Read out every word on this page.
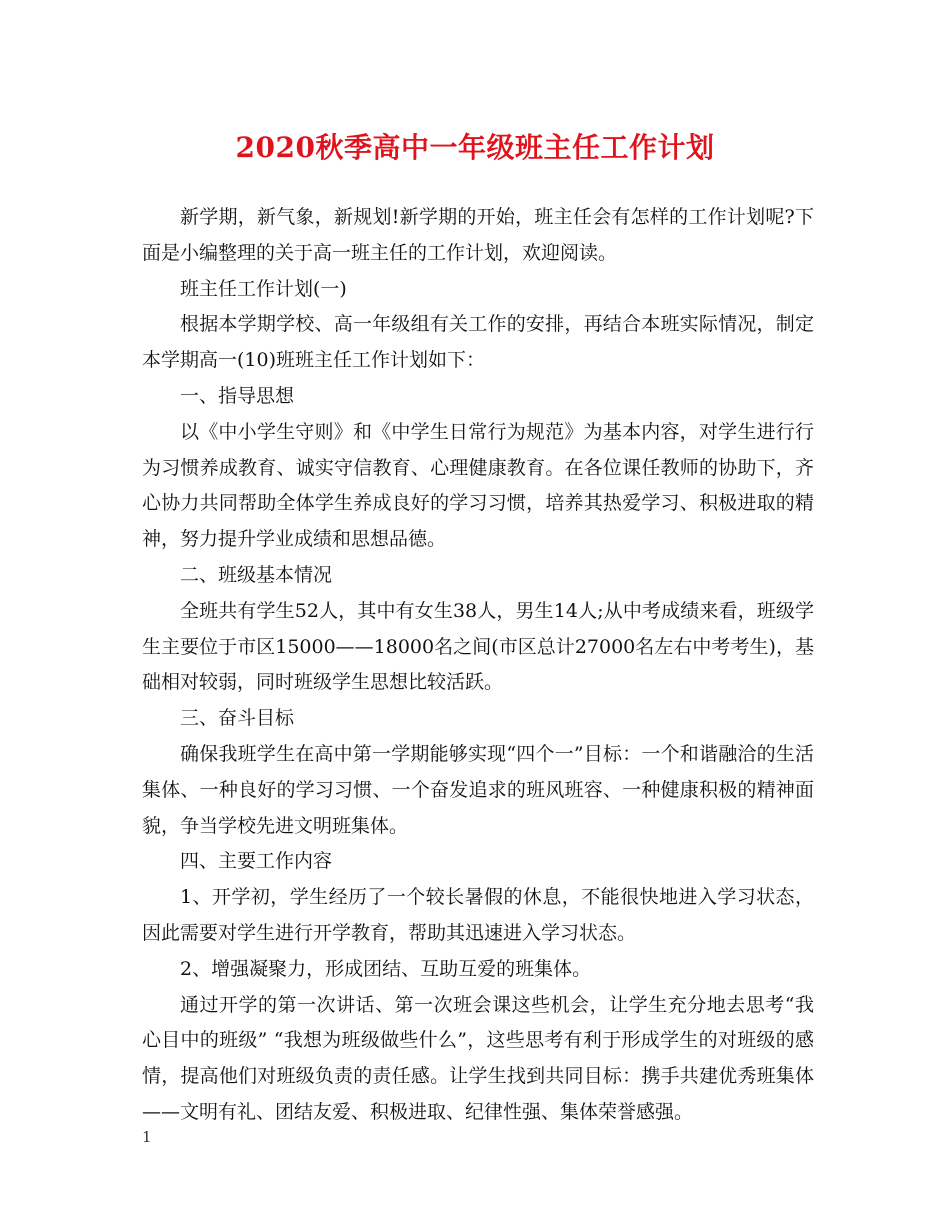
2020秋季高中一年级班主任工作计划

新学期，新气象，新规划!新学期的开始，班主任会有怎样的工作计划呢?下面是小编整理的关于高一班主任的工作计划，欢迎阅读。

班主任工作计划(一)

根据本学期学校、高一年级组有关工作的安排，再结合本班实际情况，制定本学期高一(10)班班主任工作计划如下：

一、指导思想

以《中小学生守则》和《中学生日常行为规范》为基本内容，对学生进行行为习惯养成教育、诚实守信教育、心理健康教育。在各位课任教师的协助下，齐心协力共同帮助全体学生养成良好的学习习惯，培养其热爱学习、积极进取的精神，努力提升学业成绩和思想品德。

二、班级基本情况

全班共有学生52人，其中有女生38人，男生14人;从中考成绩来看，班级学生主要位于市区15000——18000名之间(市区总计27000名左右中考考生)，基础相对较弱，同时班级学生思想比较活跃。

三、奋斗目标

确保我班学生在高中第一学期能够实现“四个一”目标：一个和谐融洽的生活集体、一种良好的学习习惯、一个奋发追求的班风班容、一种健康积极的精神面貌，争当学校先进文明班集体。

四、主要工作内容

1、开学初，学生经历了一个较长暑假的休息，不能很快地进入学习状态，因此需要对学生进行开学教育，帮助其迅速进入学习状态。

2、增强凝聚力，形成团结、互助互爱的班集体。

通过开学的第一次讲话、第一次班会课这些机会，让学生充分地去思考“我心目中的班级” “我想为班级做些什么”，这些思考有利于形成学生的对班级的感情，提高他们对班级负责的责任感。让学生找到共同目标：携手共建优秀班集体——文明有礼、团结友爱、积极进取、纪律性强、集体荣誉感强。

1
